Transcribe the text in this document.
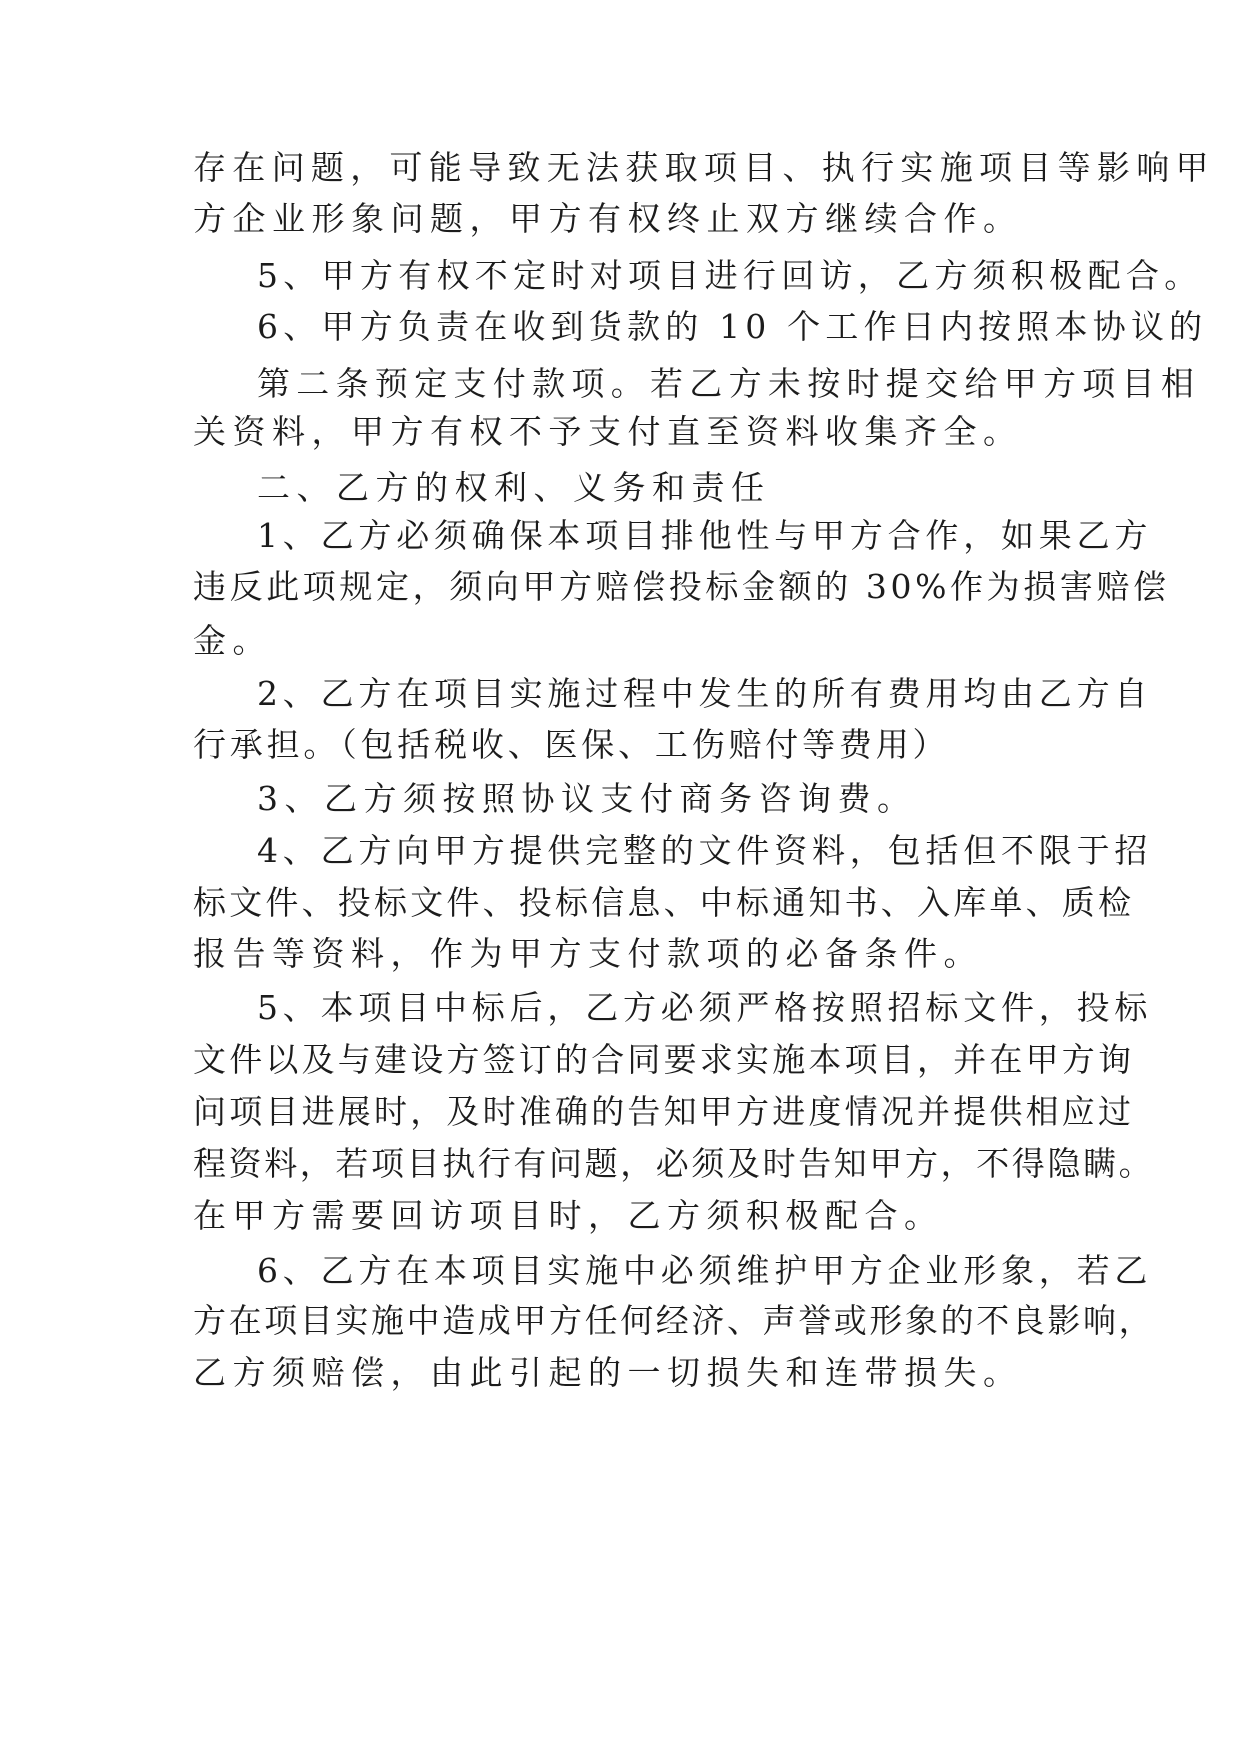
存在问题，可能导致无法获取项目、执行实施项目等影响甲
方企业形象问题，甲方有权终止双方继续合作。
5、甲方有权不定时对项目进行回访，乙方须积极配合。
6、甲方负责在收到货款的 10 个工作日内按照本协议的
第二条预定支付款项。若乙方未按时提交给甲方项目相
关资料，甲方有权不予支付直至资料收集齐全。
二、乙方的权利、义务和责任
1、乙方必须确保本项目排他性与甲方合作，如果乙方
违反此项规定，须向甲方赔偿投标金额的 30%作为损害赔偿
金。
2、乙方在项目实施过程中发生的所有费用均由乙方自
行承担。（包括税收、医保、工伤赔付等费用）
3、乙方须按照协议支付商务咨询费。
4、乙方向甲方提供完整的文件资料，包括但不限于招
标文件、投标文件、投标信息、中标通知书、入库单、质检
报告等资料，作为甲方支付款项的必备条件。
5、本项目中标后，乙方必须严格按照招标文件，投标
文件以及与建设方签订的合同要求实施本项目，并在甲方询
问项目进展时，及时准确的告知甲方进度情况并提供相应过
程资料，若项目执行有问题，必须及时告知甲方，不得隐瞒。
在甲方需要回访项目时，乙方须积极配合。
6、乙方在本项目实施中必须维护甲方企业形象，若乙
方在项目实施中造成甲方任何经济、声誉或形象的不良影响，
乙方须赔偿，由此引起的一切损失和连带损失。
